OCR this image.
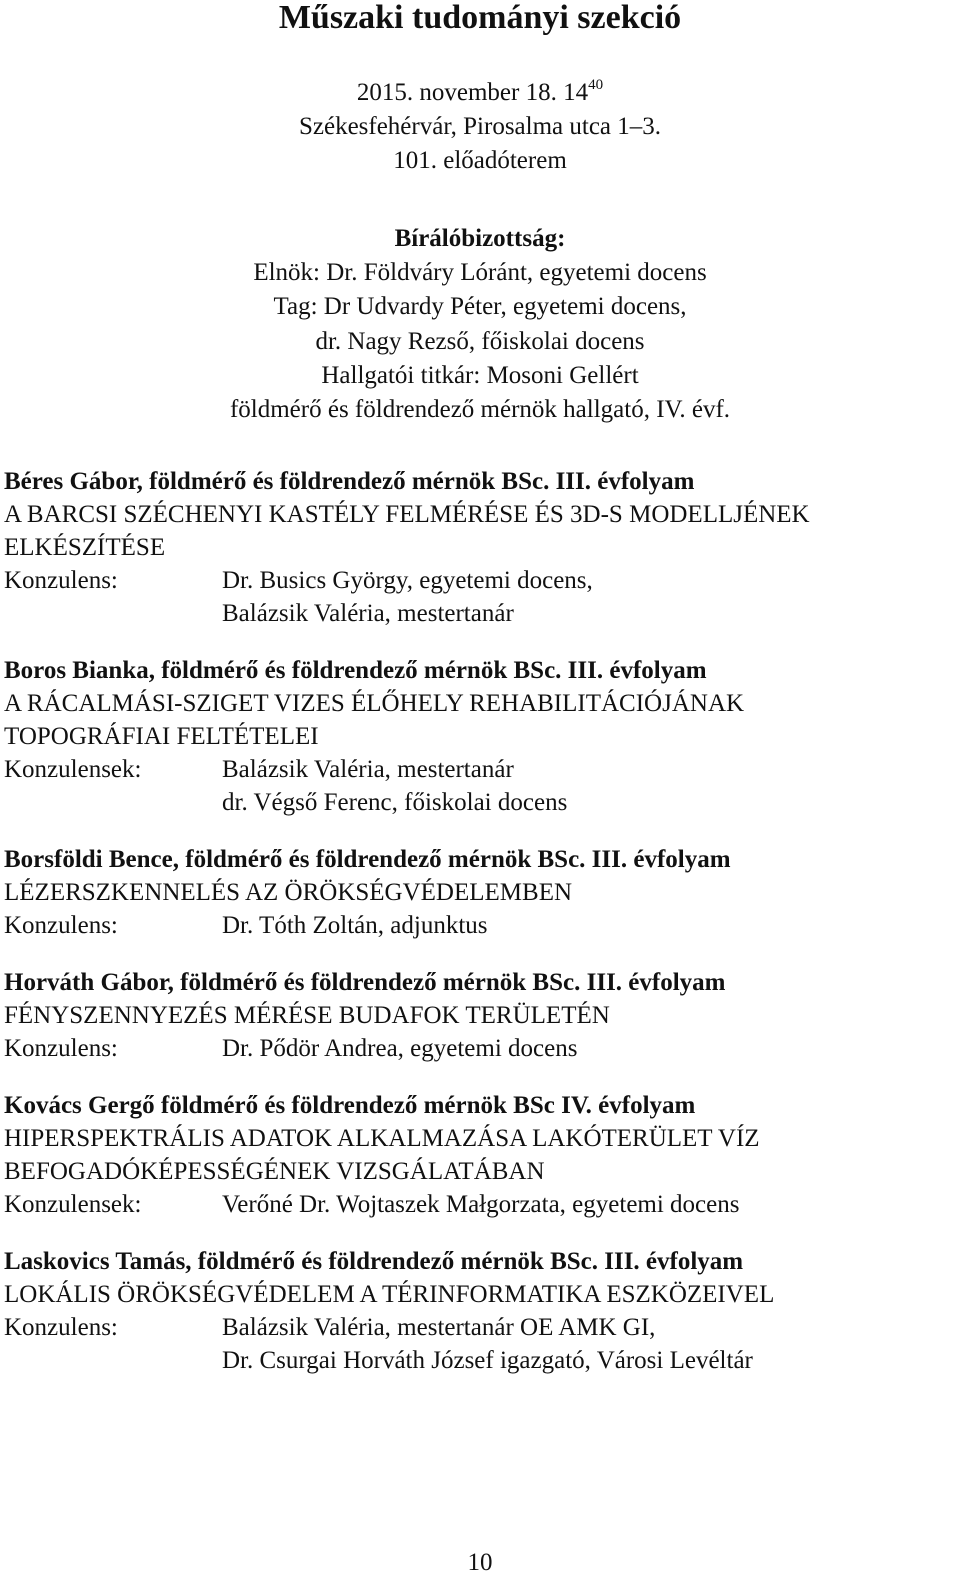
Műszaki tudományi szekció
2015. november 18. $14^{40}$
Székesfehérvár, Pirosalma utca 1–3.
101. előadóterem
Bírálóbizottság:
Elnök: Dr. Földváry Lóránt, egyetemi docens
Tag: Dr Udvardy Péter, egyetemi docens,
dr. Nagy Rezső, főiskolai docens
Hallgatói titkár: Mosoni Gellért
földmérő és földrendező mérnök hallgató, IV. évf.
Béres Gábor, földmérő és földrendező mérnök BSc. III. évfolyam
A BARCSI SZÉCHENYI KASTÉLY FELMÉRÉSE ÉS 3D-S MODELLJÉNEK
ELKÉSZÍTÉSE
Konzulens:	Dr. Busics György, egyetemi docens,
Balázsik Valéria, mestertanár
Boros Bianka, földmérő és földrendező mérnök BSc. III. évfolyam
A RÁCALMÁSI-SZIGET VIZES ÉLŐHELY REHABILITÁCIÓJÁNAK
TOPOGRÁFIAI FELTÉTELEI
Konzulensek:	Balázsik Valéria, mestertanár
dr. Végső Ferenc, főiskolai docens
Borsföldi Bence, földmérő és földrendező mérnök BSc. III. évfolyam
LÉZERSZKENNELÉS AZ ÖRÖKSÉGVÉDELEMBEN
Konzulens:	Dr. Tóth Zoltán, adjunktus
Horváth Gábor, földmérő és földrendező mérnök BSc. III. évfolyam
FÉNYSZENNYEZÉS MÉRÉSE BUDAFOK TERÜLETÉN
Konzulens:	Dr. Pődör Andrea, egyetemi docens
Kovács Gergő földmérő és földrendező mérnök BSc IV. évfolyam
HIPERSPEKTRÁLIS ADATOK ALKALMAZÁSA LAKÓTERÜLET VÍZ
BEFOGADÓKÉPESSÉGÉNEK VIZSGÁLATÁBAN
Konzulensek:	Verőné Dr. Wojtaszek Małgorzata, egyetemi docens
Laskovics Tamás, földmérő és földrendező mérnök BSc. III. évfolyam
LOKÁLIS ÖRÖKSÉGVÉDELEM A TÉRINFORMATIKA ESZKÖZEIVEL
Konzulens:	Balázsik Valéria, mestertanár OE AMK GI,
Dr. Csurgai Horváth József igazgató, Városi Levéltár
10
